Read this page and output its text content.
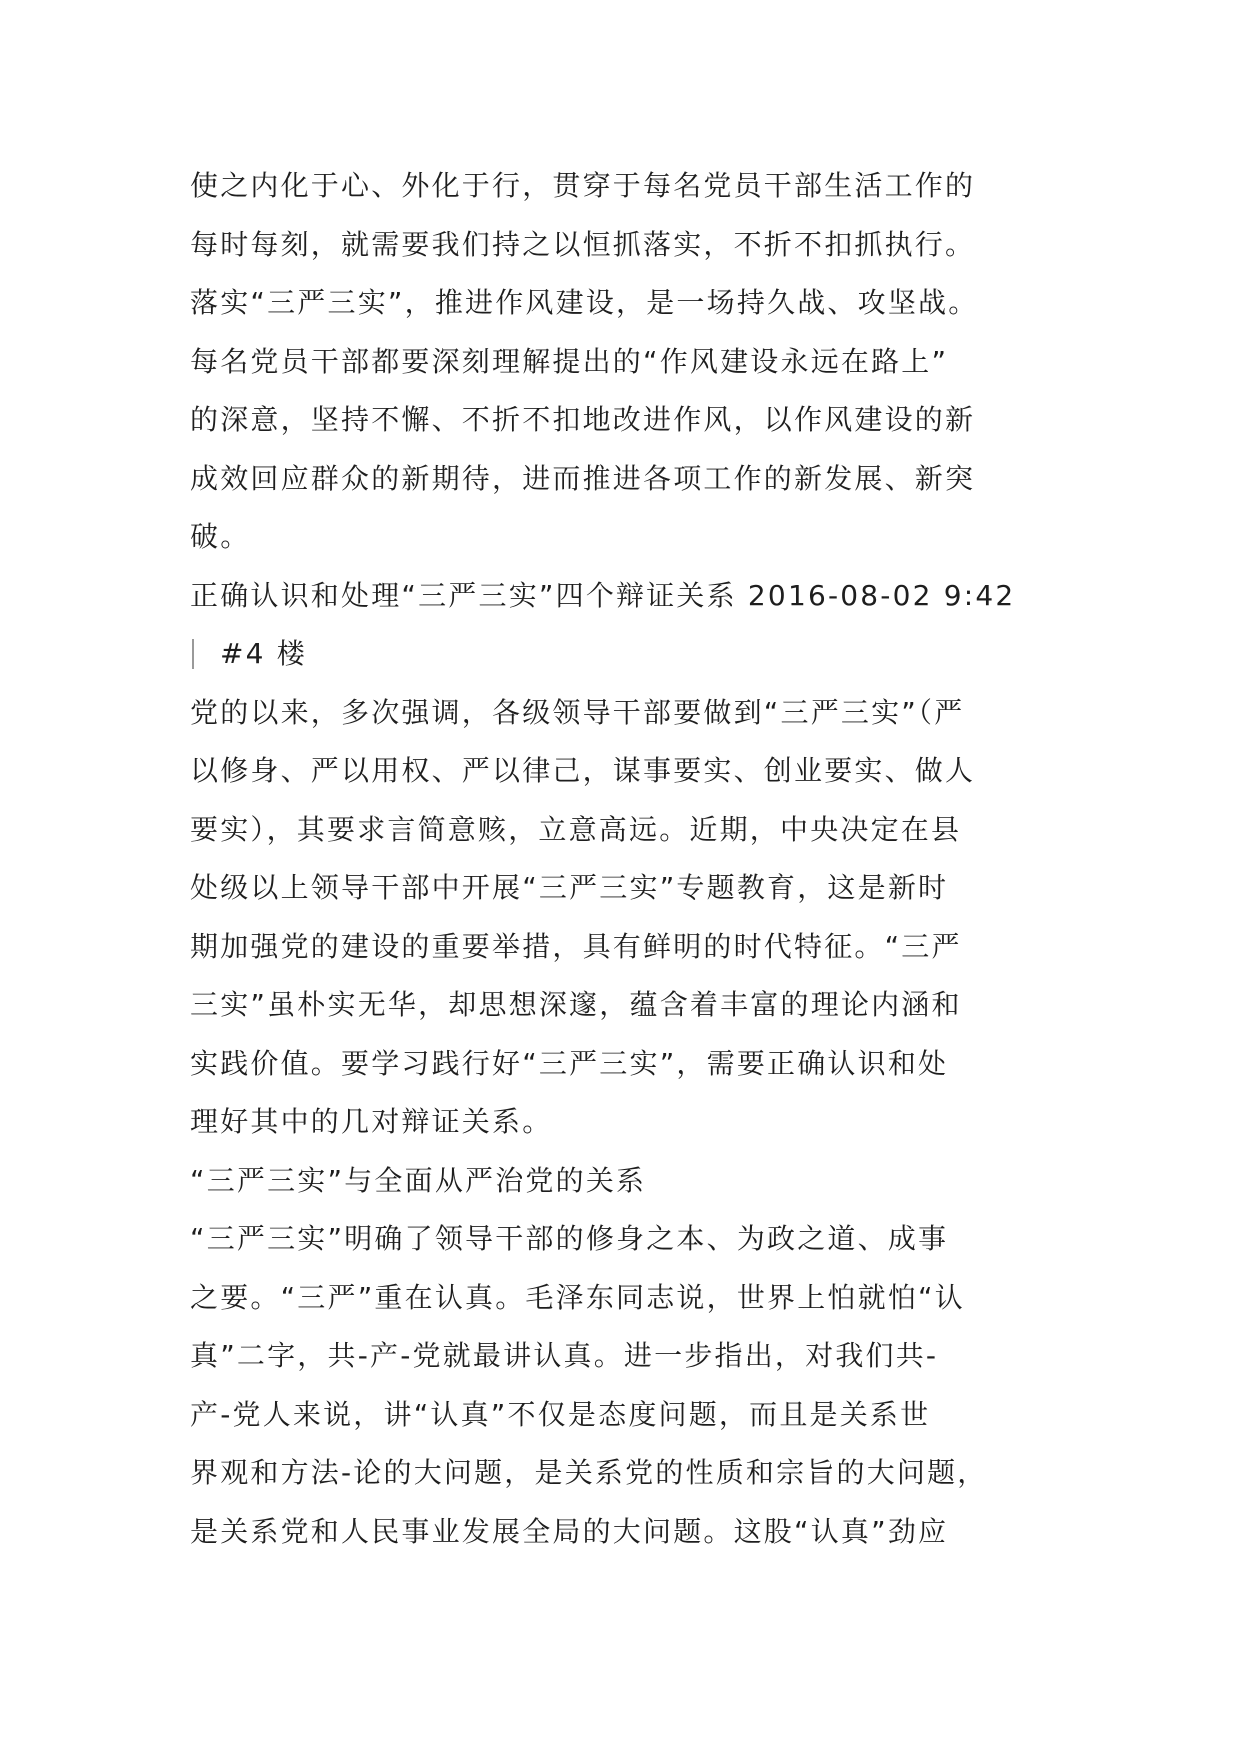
使之内化于心、外化于行，贯穿于每名党员干部生活工作的
每时每刻，就需要我们持之以恒抓落实，不折不扣抓执行。
落实“三严三实”，推进作风建设，是一场持久战、攻坚战。
每名党员干部都要深刻理解提出的“作风建设永远在路上”
的深意，坚持不懈、不折不扣地改进作风，以作风建设的新
成效回应群众的新期待，进而推进各项工作的新发展、新突
破。
正确认识和处理“三严三实”四个辩证关系 2016-08-02 9:42
#4 楼
党的以来，多次强调，各级领导干部要做到“三严三实”（严
以修身、严以用权、严以律己，谋事要实、创业要实、做人
要实），其要求言简意赅，立意高远。近期，中央决定在县
处级以上领导干部中开展“三严三实”专题教育，这是新时
期加强党的建设的重要举措，具有鲜明的时代特征。“三严
三实”虽朴实无华，却思想深邃，蕴含着丰富的理论内涵和
实践价值。要学习践行好“三严三实”，需要正确认识和处
理好其中的几对辩证关系。
“三严三实”与全面从严治党的关系
“三严三实”明确了领导干部的修身之本、为政之道、成事
之要。“三严”重在认真。毛泽东同志说，世界上怕就怕“认
真”二字，共-产-党就最讲认真。进一步指出，对我们共-
产-党人来说，讲“认真”不仅是态度问题，而且是关系世
界观和方法-论的大问题，是关系党的性质和宗旨的大问题，
是关系党和人民事业发展全局的大问题。这股“认真”劲应
